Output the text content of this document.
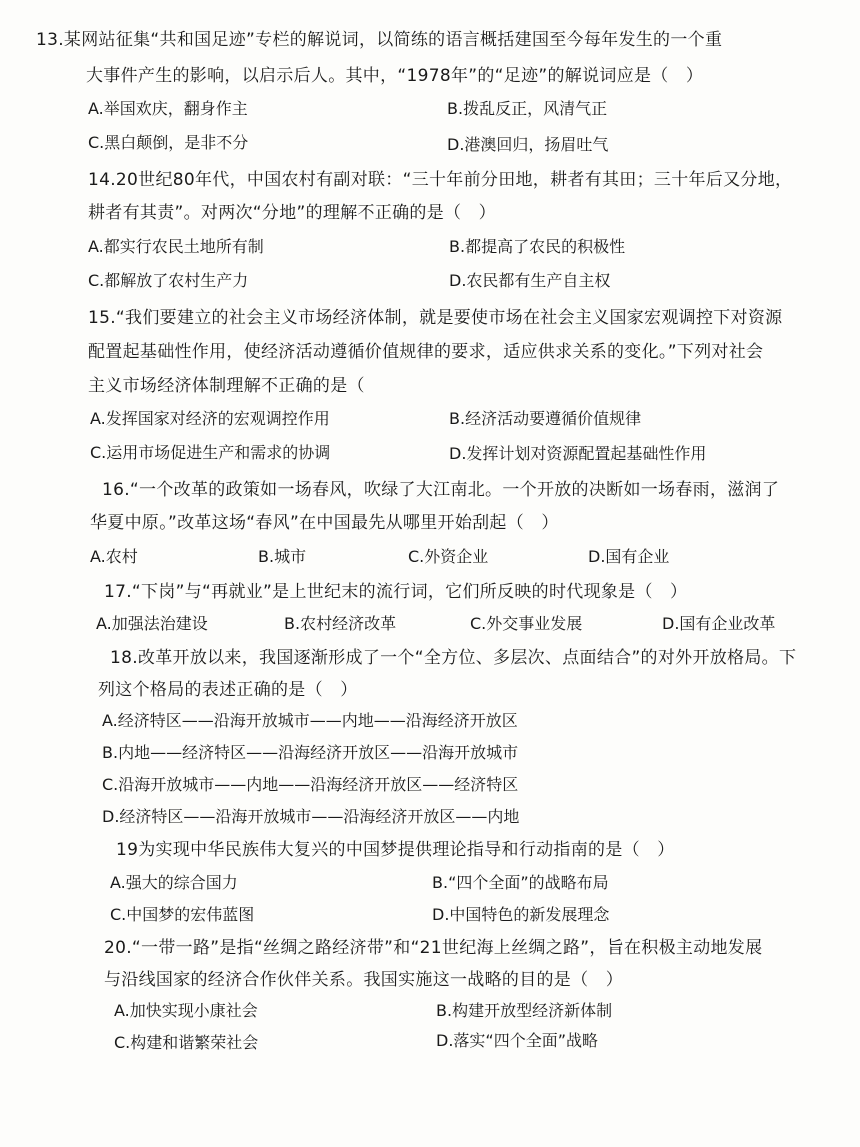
13.某网站征集“共和国足迹”专栏的解说词，以简练的语言概括建国至今每年发生的一个重
大事件产生的影响，以启示后人。其中，“1978年”的“足迹”的解说词应是（　）
A.举国欢庆，翻身作主	B.拨乱反正，风清气正
C.黑白颠倒，是非不分	D.港澳回归，扬眉吐气
14.20世纪80年代，中国农村有副对联：“三十年前分田地，耕者有其田；三十年后又分地，
耕者有其责”。对两次“分地”的理解不正确的是（　）
A.都实行农民土地所有制	B.都提高了农民的积极性
C.都解放了农村生产力	D.农民都有生产自主权
15.“我们要建立的社会主义市场经济体制，就是要使市场在社会主义国家宏观调控下对资源
配置起基础性作用，使经济活动遵循价值规律的要求，适应供求关系的变化。”下列对社会
主义市场经济体制理解不正确的是（
A.发挥国家对经济的宏观调控作用	B.经济活动要遵循价值规律
C.运用市场促进生产和需求的协调	D.发挥计划对资源配置起基础性作用
16.“一个改革的政策如一场春风，吹绿了大江南北。一个开放的决断如一场春雨，滋润了
华夏中原。”改革这场“春风”在中国最先从哪里开始刮起（　）
A.农村	B.城市	C.外资企业	D.国有企业
17.“下岗”与“再就业”是上世纪末的流行词，它们所反映的时代现象是（　）
A.加强法治建设	B.农村经济改革	C.外交事业发展	D.国有企业改革
18.改革开放以来，我国逐渐形成了一个“全方位、多层次、点面结合”的对外开放格局。下
列这个格局的表述正确的是（　）
A.经济特区——沿海开放城市——内地——沿海经济开放区
B.内地——经济特区——沿海经济开放区——沿海开放城市
C.沿海开放城市——内地——沿海经济开放区——经济特区
D.经济特区——沿海开放城市——沿海经济开放区——内地
19为实现中华民族伟大复兴的中国梦提供理论指导和行动指南的是（　）
A.强大的综合国力	B.“四个全面”的战略布局
C.中国梦的宏伟蓝图	D.中国特色的新发展理念
20.“一带一路”是指“丝绸之路经济带”和“21世纪海上丝绸之路”，旨在积极主动地发展
与沿线国家的经济合作伙伴关系。我国实施这一战略的目的是（　）
A.加快实现小康社会	B.构建开放型经济新体制
C.构建和谐繁荣社会	D.落实“四个全面”战略
